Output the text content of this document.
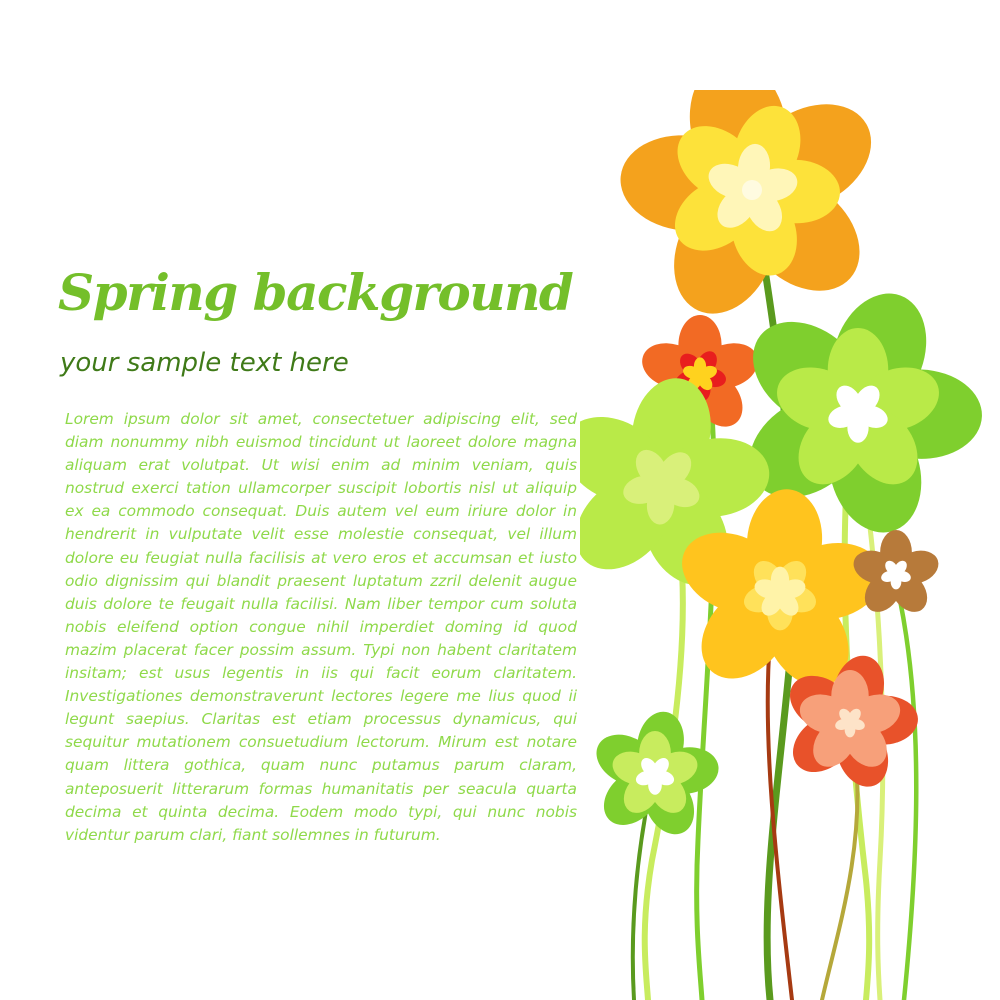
Spring background
your sample text here

Lorem ipsum dolor sit amet, consectetuer adipiscing elit, sed diam nonummy nibh euismod tincidunt ut laoreet dolore magna aliquam erat volutpat. Ut wisi enim ad minim veniam, quis nostrud exerci tation ullamcorper suscipit lobortis nisl ut aliquip ex ea commodo consequat. Duis autem vel eum iriure dolor in hendrerit in vulputate velit esse molestie consequat, vel illum dolore eu feugiat nulla facilisis at vero eros et accumsan et iusto odio dignissim qui blandit praesent luptatum zzril delenit augue duis dolore te feugait nulla facilisi. Nam liber tempor cum soluta nobis eleifend option congue nihil imperdiet doming id quod mazim placerat facer possim assum. Typi non habent claritatem insitam; est usus legentis in iis qui facit eorum claritatem. Investigationes demonstraverunt lectores legere me lius quod ii legunt saepius. Claritas est etiam processus dynamicus, qui sequitur mutationem consuetudium lectorum. Mirum est notare quam littera gothica, quam nunc putamus parum claram, anteposuerit litterarum formas humanitatis per seacula quarta decima et quinta decima. Eodem modo typi, qui nunc nobis videntur parum clari, fiant sollemnes in futurum.
